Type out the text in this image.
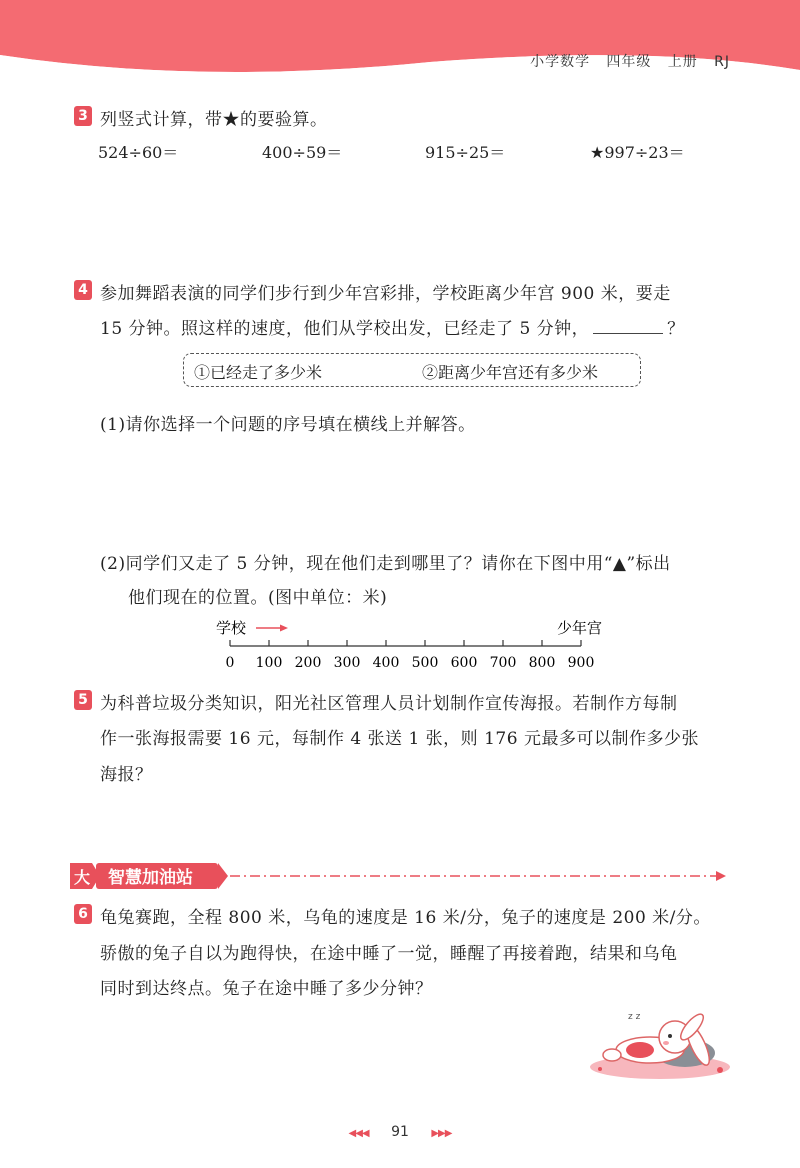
小学数学   四年级   上册   RJ
3 列竖式计算，带★的要验算。
524÷60＝	400÷59＝	915÷25＝	★997÷23＝
4 参加舞蹈表演的同学们步行到少年宫彩排，学校距离少年宫 900 米，要走
15 分钟。照这样的速度，他们从学校出发，已经走了 5 分钟，	？
①已经走了多少米	②距离少年宫还有多少米
(1)请你选择一个问题的序号填在横线上并解答。
(2)同学们又走了 5 分钟，现在他们走到哪里了？请你在下图中用“▲”标出
他们现在的位置。(图中单位：米)
学校	少年宫
0 100 200 300 400 500 600 700 800 900
5 为科普垃圾分类知识，阳光社区管理人员计划制作宣传海报。若制作方每制
作一张海报需要 16 元，每制作 4 张送 1 张，则 176 元最多可以制作多少张
海报？
大 智慧加油站
6 龟兔赛跑，全程 800 米，乌龟的速度是 16 米/分，兔子的速度是 200 米/分。
骄傲的兔子自以为跑得快，在途中睡了一觉，睡醒了再接着跑，结果和乌龟
同时到达终点。兔子在途中睡了多少分钟？
z z
◀◀◀ 91 ▶▶▶
